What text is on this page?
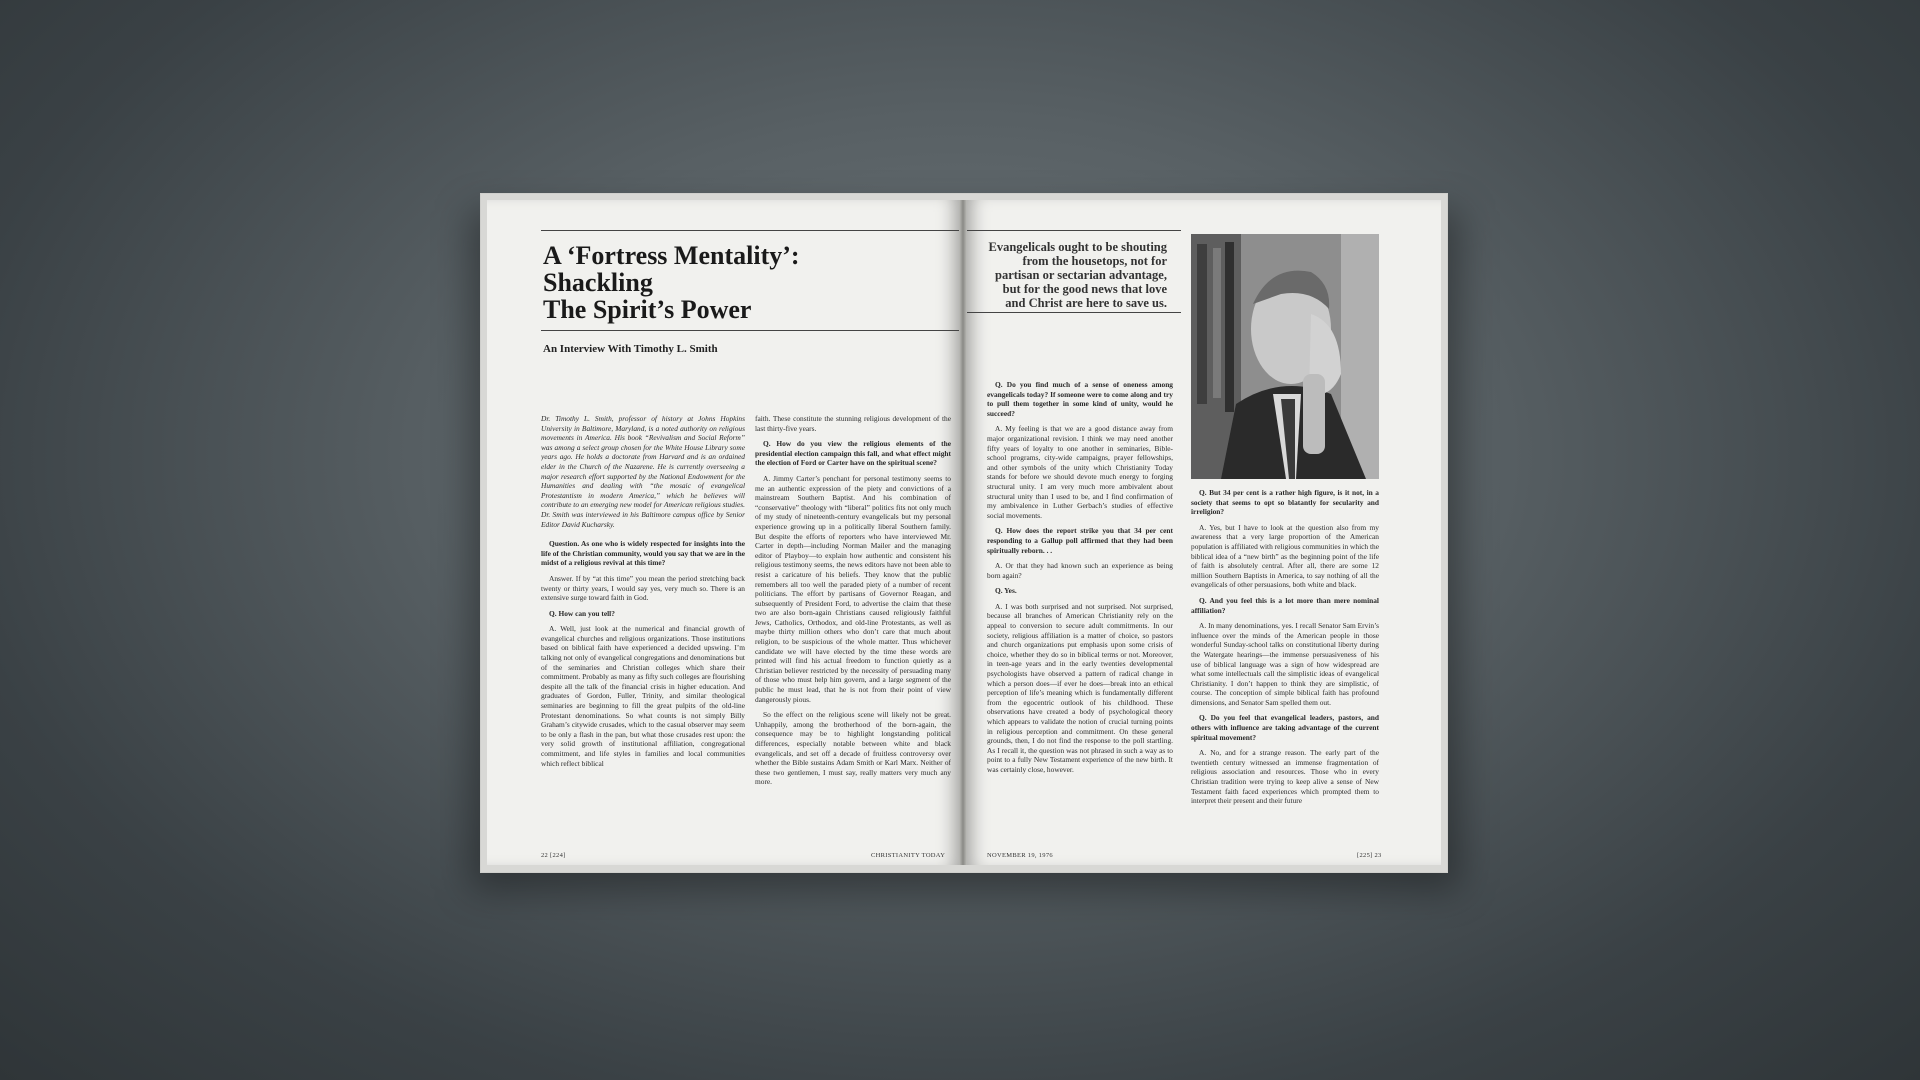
A ‘Fortress Mentality’:
Shackling
The Spirit’s Power
An Interview With Timothy L. Smith

Dr. Timothy L. Smith, professor of history at Johns Hopkins University in Baltimore, Maryland, is a noted authority on religious movements in America. His book “Revivalism and Social Reform” was among a select group chosen for the White House Library some years ago. He holds a doctorate from Harvard and is an ordained elder in the Church of the Nazarene. He is currently overseeing a major research effort supported by the National Endowment for the Humanities and dealing with “the mosaic of evangelical Protestantism in modern America,” which he believes will contribute to an emerging new model for American religious studies. Dr. Smith was interviewed in his Baltimore campus office by Senior Editor David Kucharsky.

Question. As one who is widely respected for insights into the life of the Christian community, would you say that we are in the midst of a religious revival at this time?

Answer. If by “at this time” you mean the period stretching back twenty or thirty years, I would say yes, very much so. There is an extensive surge toward faith in God.

Q. How can you tell?

A. Well, just look at the numerical and financial growth of evangelical churches and religious organizations. Those institutions based on biblical faith have experienced a decided upswing. I’m talking not only of evangelical congregations and denominations but of the seminaries and Christian colleges which share their commitment. Probably as many as fifty such colleges are flourishing despite all the talk of the financial crisis in higher education. And graduates of Gordon, Fuller, Trinity, and similar theological seminaries are beginning to fill the great pulpits of the old-line Protestant denominations. So what counts is not simply Billy Graham’s citywide crusades, which to the casual observer may seem to be only a flash in the pan, but what those crusades rest upon: the very solid growth of institutional affiliation, congregational commitment, and life styles in families and local communities which reflect biblical

faith. These constitute the stunning religious development of the last thirty-five years.

Q. How do you view the religious elements of the presidential election campaign this fall, and what effect might the election of Ford or Carter have on the spiritual scene?

A. Jimmy Carter’s penchant for personal testimony seems to me an authentic expression of the piety and convictions of a mainstream Southern Baptist. And his combination of “conservative” theology with “liberal” politics fits not only much of my study of nineteenth-century evangelicals but my personal experience growing up in a politically liberal Southern family. But despite the efforts of reporters who have interviewed Mr. Carter in depth—including Norman Mailer and the managing editor of Playboy—to explain how authentic and consistent his religious testimony seems, the news editors have not been able to resist a caricature of his beliefs. They know that the public remembers all too well the paraded piety of a number of recent politicians. The effort by partisans of Governor Reagan, and subsequently of President Ford, to advertise the claim that these two are also born-again Christians caused religiously faithful Jews, Catholics, Orthodox, and old-line Protestants, as well as maybe thirty million others who don’t care that much about religion, to be suspicious of the whole matter. Thus whichever candidate we will have elected by the time these words are printed will find his actual freedom to function quietly as a Christian believer restricted by the necessity of persuading many of those who must help him govern, and a large segment of the public he must lead, that he is not from their point of view dangerously pious.

So the effect on the religious scene will likely not be great. Unhappily, among the brotherhood of the born-again, the consequence may be to highlight longstanding political differences, especially notable between white and black evangelicals, and set off a decade of fruitless controversy over whether the Bible sustains Adam Smith or Karl Marx. Neither of these two gentlemen, I must say, really matters very much any more.

22 [224]	CHRISTIANITY TODAY
Evangelicals ought to be shouting from the housetops, not for partisan or sectarian advantage, but for the good news that love and Christ are here to save us.

Q. Do you find much of a sense of oneness among evangelicals today? If someone were to come along and try to pull them together in some kind of unity, would he succeed?

A. My feeling is that we are a good distance away from major organizational revision. I think we may need another fifty years of loyalty to one another in seminaries, Bible-school programs, city-wide campaigns, prayer fellowships, and other symbols of the unity which Christianity Today stands for before we should devote much energy to forging structural unity. I am very much more ambivalent about structural unity than I used to be, and I find confirmation of my ambivalence in Luther Gerbach’s studies of effective social movements.

Q. How does the report strike you that 34 per cent responding to a Gallup poll affirmed that they had been spiritually reborn. . .

A. Or that they had known such an experience as being born again?

Q. Yes.

A. I was both surprised and not surprised. Not surprised, because all branches of American Christianity rely on the appeal to conversion to secure adult commitments. In our society, religious affiliation is a matter of choice, so pastors and church organizations put emphasis upon some crisis of choice, whether they do so in biblical terms or not. Moreover, in teen-age years and in the early twenties developmental psychologists have observed a pattern of radical change in which a person does—if ever he does—break into an ethical perception of life’s meaning which is fundamentally different from the egocentric outlook of his childhood. These observations have created a body of psychological theory which appears to validate the notion of crucial turning points in religious perception and commitment. On these general grounds, then, I do not find the response to the poll startling. As I recall it, the question was not phrased in such a way as to point to a fully New Testament experience of the new birth. It was certainly close, however.

Q. But 34 per cent is a rather high figure, is it not, in a society that seems to opt so blatantly for secularity and irreligion?

A. Yes, but I have to look at the question also from my awareness that a very large proportion of the American population is affiliated with religious communities in which the biblical idea of a “new birth” as the beginning point of the life of faith is absolutely central. After all, there are some 12 million Southern Baptists in America, to say nothing of all the evangelicals of other persuasions, both white and black.

Q. And you feel this is a lot more than mere nominal affiliation?

A. In many denominations, yes. I recall Senator Sam Ervin’s influence over the minds of the American people in those wonderful Sunday-school talks on constitutional liberty during the Watergate hearings—the immense persuasiveness of his use of biblical language was a sign of how widespread are what some intellectuals call the simplistic ideas of evangelical Christianity. I don’t happen to think they are simplistic, of course. The conception of simple biblical faith has profound dimensions, and Senator Sam spelled them out.

Q. Do you feel that evangelical leaders, pastors, and others with influence are taking advantage of the current spiritual movement?

A. No, and for a strange reason. The early part of the twentieth century witnessed an immense fragmentation of religious association and resources. Those who in every Christian tradition were trying to keep alive a sense of New Testament faith faced experiences which prompted them to interpret their present and their future

NOVEMBER 19, 1976	[225] 23
